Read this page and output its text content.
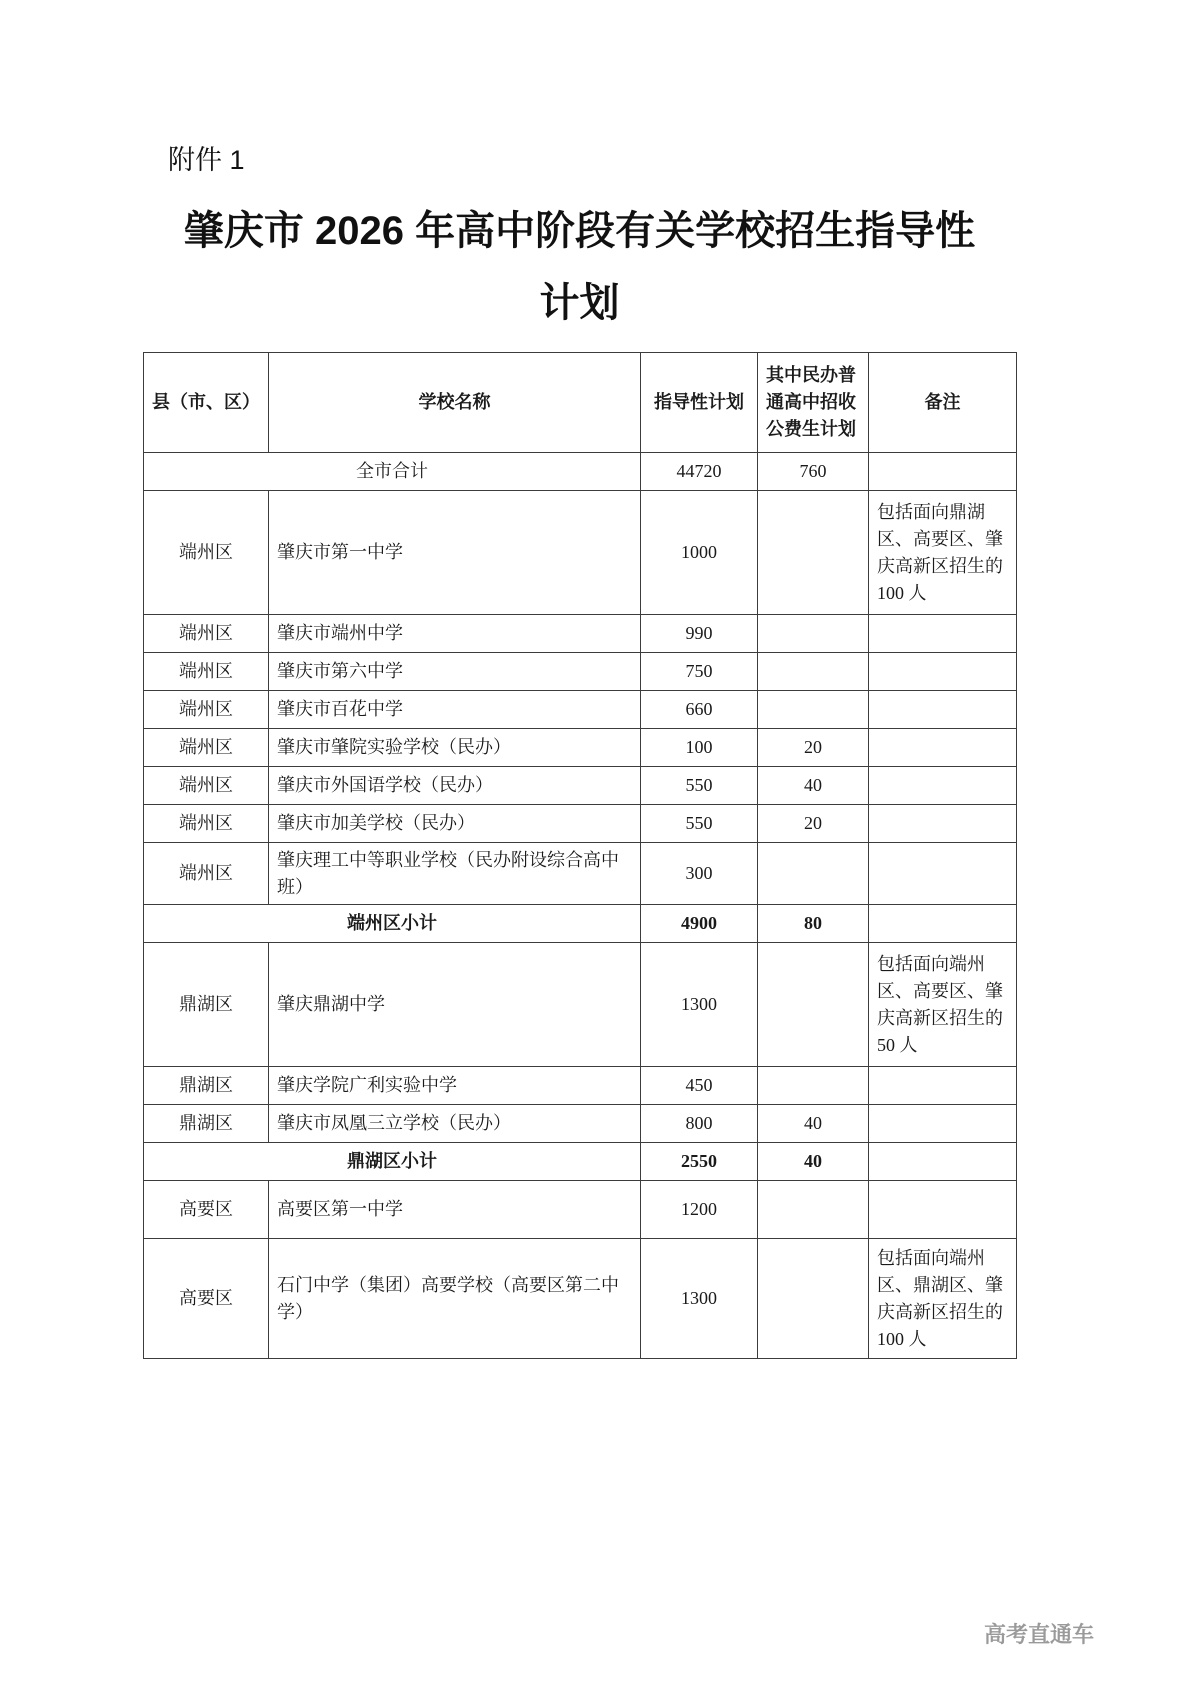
附件 1
肇庆市 2026 年高中阶段有关学校招生指导性
计划
县（市、区）	学校名称	指导性计划	其中民办普通高中招收公费生计划	备注
全市合计		44720	760	
端州区	肇庆市第一中学	1000		包括面向鼎湖区、高要区、肇庆高新区招生的100 人
端州区	肇庆市端州中学	990		
端州区	肇庆市第六中学	750		
端州区	肇庆市百花中学	660		
端州区	肇庆市肇院实验学校（民办）	100	20	
端州区	肇庆市外国语学校（民办）	550	40	
端州区	肇庆市加美学校（民办）	550	20	
端州区	肇庆理工中等职业学校（民办附设综合高中班）	300		
端州区小计		4900	80	
鼎湖区	肇庆鼎湖中学	1300		包括面向端州区、高要区、肇庆高新区招生的50 人
鼎湖区	肇庆学院广利实验中学	450		
鼎湖区	肇庆市凤凰三立学校（民办）	800	40	
鼎湖区小计		2550	40	
高要区	高要区第一中学	1200		
高要区	石门中学（集团）高要学校（高要区第二中学）	1300		包括面向端州区、鼎湖区、肇庆高新区招生的100 人
高考直通车
